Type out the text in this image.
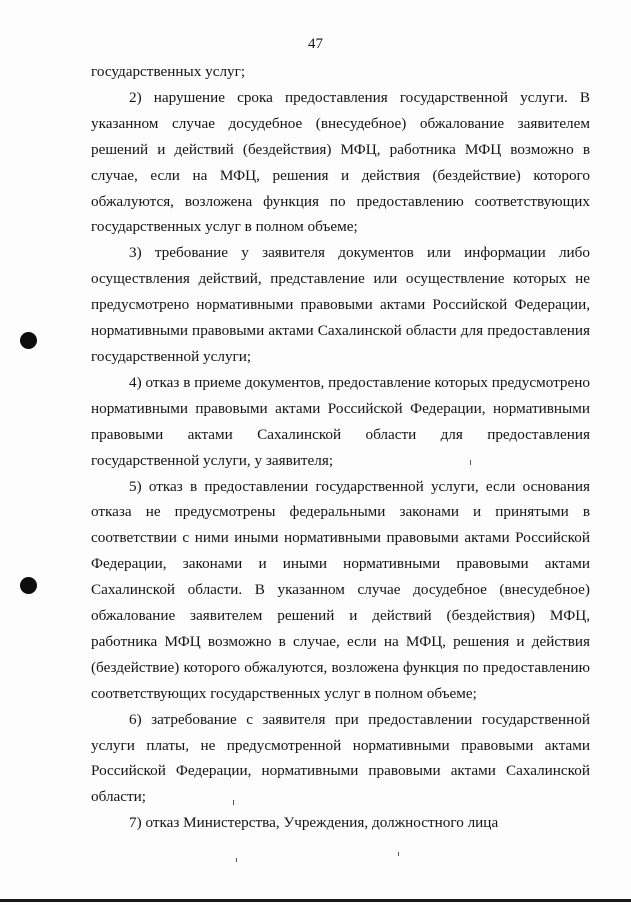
47

государственных услуг;

2) нарушение срока предоставления государственной услуги. В указанном случае досудебное (внесудебное) обжалование заявителем решений и действий (бездействия) МФЦ, работника МФЦ возможно в случае, если на МФЦ, решения и действия (бездействие) которого обжалуются, возложена функция по предоставлению соответствующих государственных услуг в полном объеме;

3) требование у заявителя документов или информации либо осуществления действий, представление или осуществление которых не предусмотрено нормативными правовыми актами Российской Федерации, нормативными правовыми актами Сахалинской области для предоставления государственной услуги;

4) отказ в приеме документов, предоставление которых предусмотрено нормативными правовыми актами Российской Федерации, нормативными правовыми актами Сахалинской области для предоставления государственной услуги, у заявителя;

5) отказ в предоставлении государственной услуги, если основания отказа не предусмотрены федеральными законами и принятыми в соответствии с ними иными нормативными правовыми актами Российской Федерации, законами и иными нормативными правовыми актами Сахалинской области. В указанном случае досудебное (внесудебное) обжалование заявителем решений и действий (бездействия) МФЦ, работника МФЦ возможно в случае, если на МФЦ, решения и действия (бездействие) которого обжалуются, возложена функция по предоставлению соответствующих государственных услуг в полном объеме;

6) затребование с заявителя при предоставлении государственной услуги платы, не предусмотренной нормативными правовыми актами Российской Федерации, нормативными правовыми актами Сахалинской области;

7) отказ Министерства, Учреждения, должностного лица
